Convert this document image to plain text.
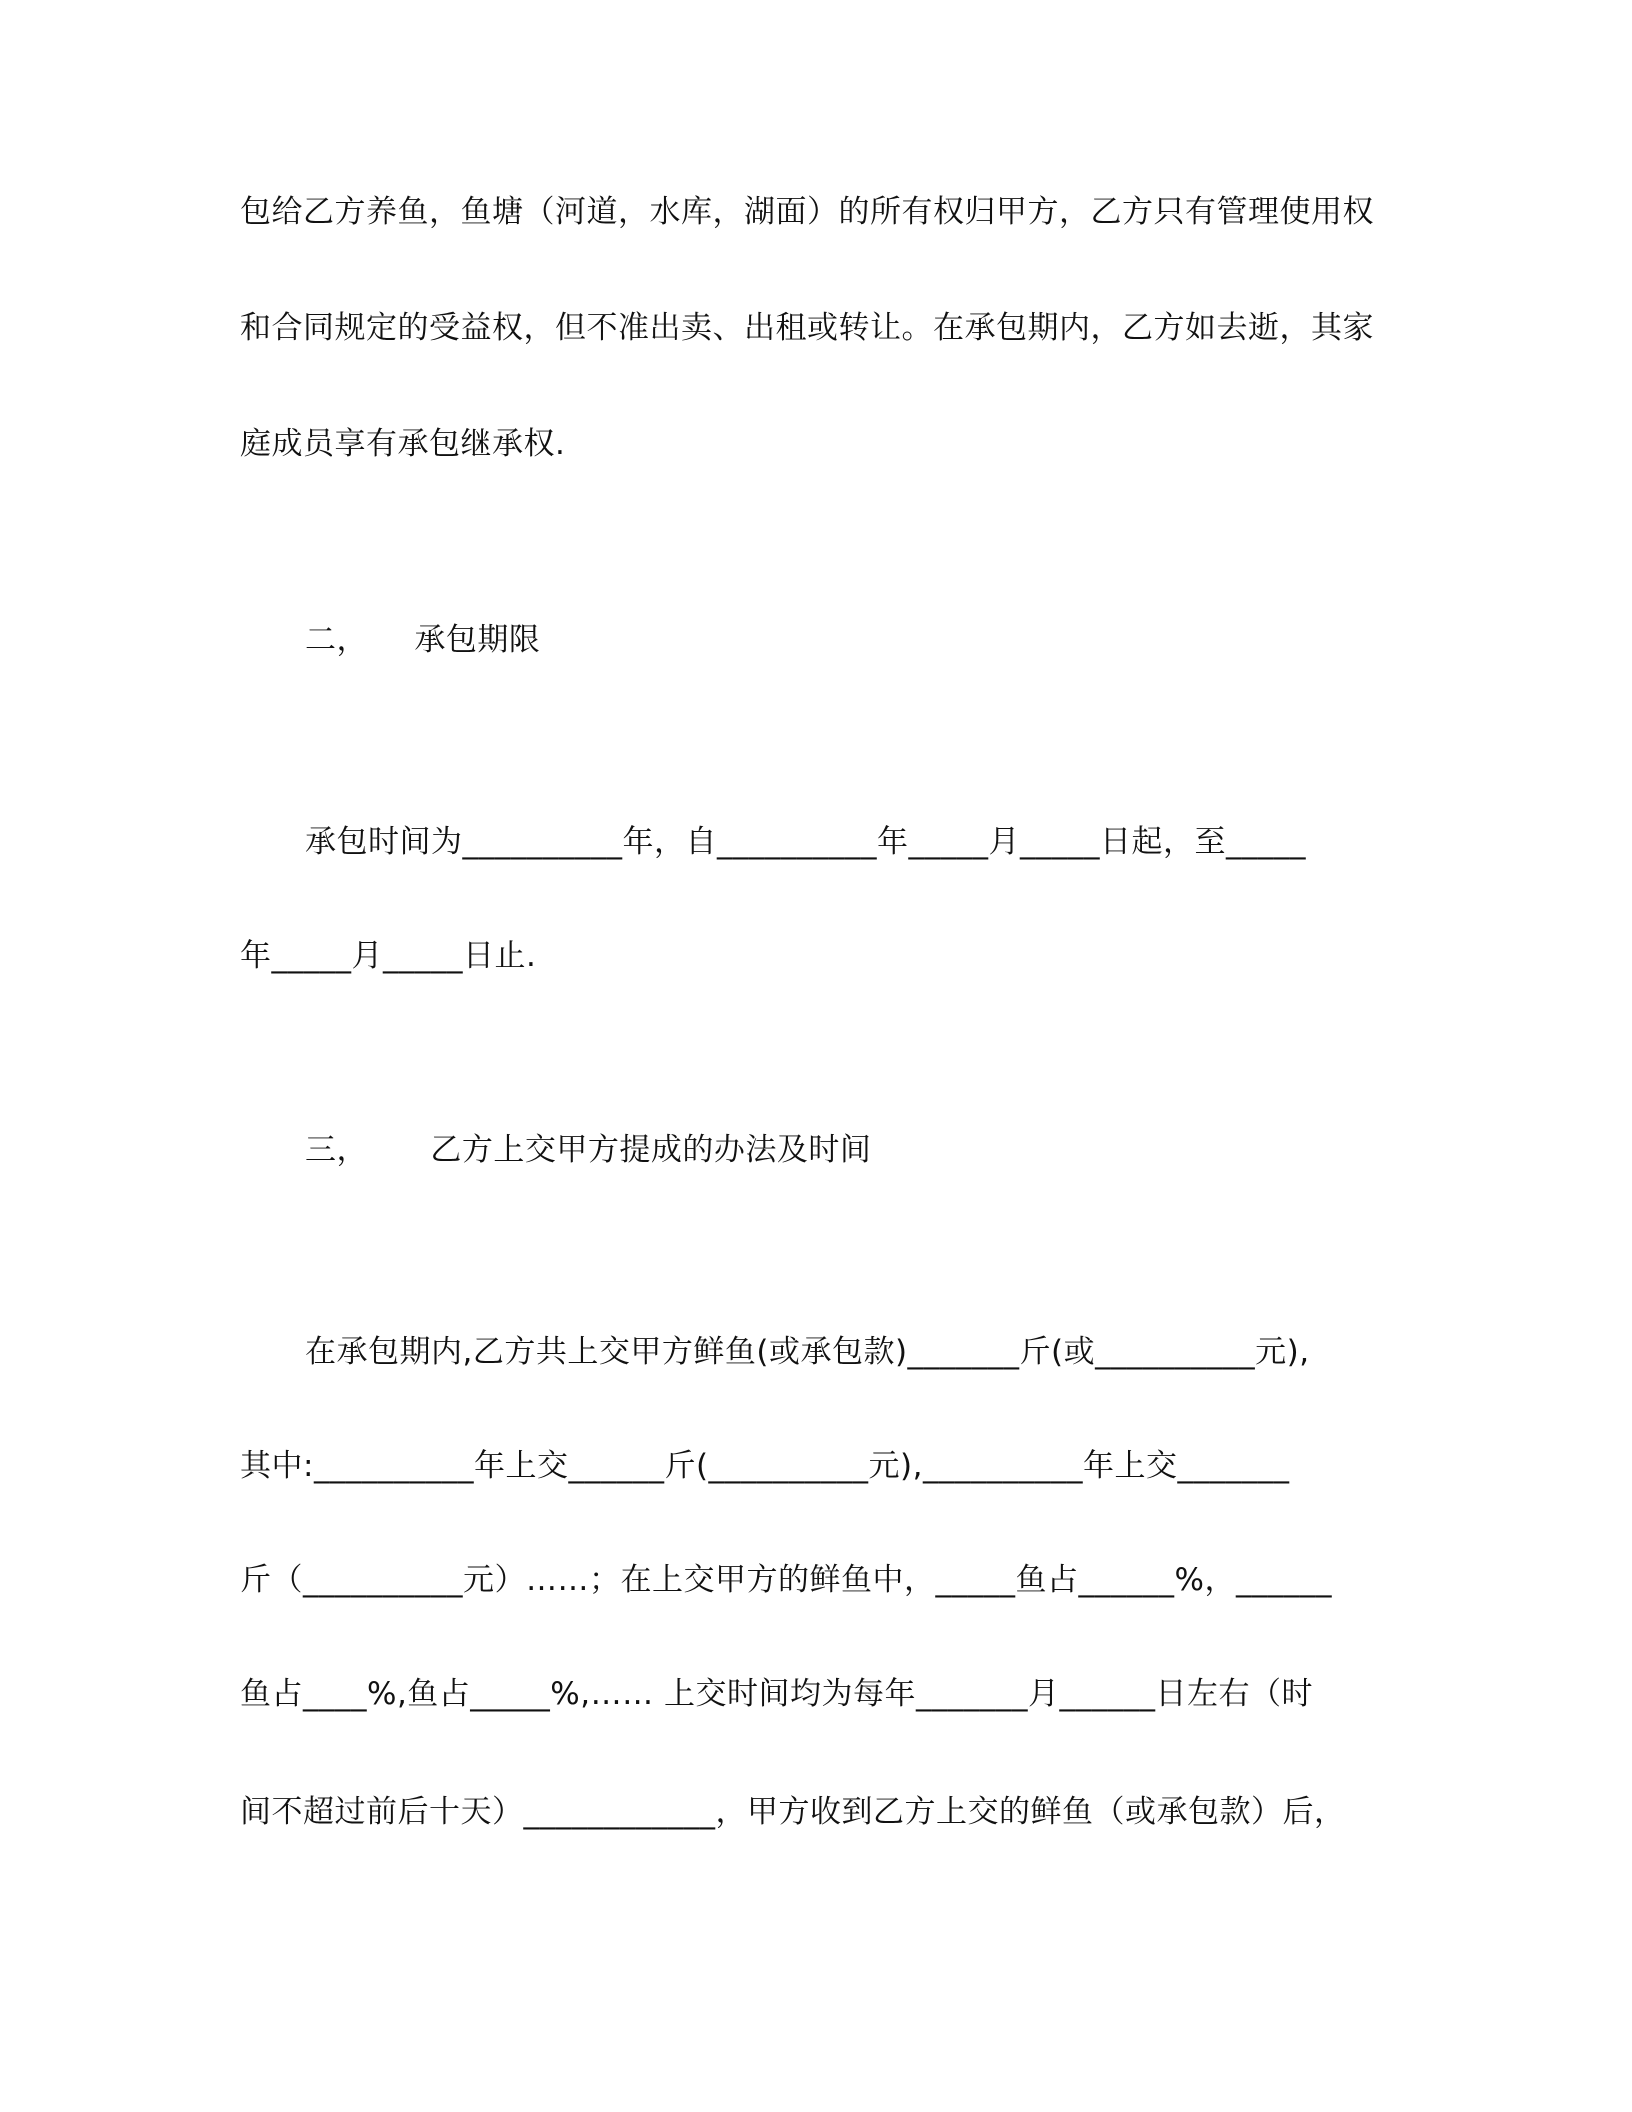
包给乙方养鱼，鱼塘（河道，水库，湖面）的所有权归甲方，乙方只有管理使用权
和合同规定的受益权，但不准出卖、出租或转让。在承包期内，乙方如去逝，其家
庭成员享有承包继承权.
二， 承包期限
承包时间为__________年，自__________年_____月_____日起，至_____
年_____月_____日止.
三， 乙方上交甲方提成的办法及时间
在承包期内,乙方共上交甲方鲜鱼(或承包款)_______斤(或__________元),
其中:__________年上交______斤(__________元),__________年上交_______
斤（__________元）……；在上交甲方的鲜鱼中，_____鱼占______%，______
鱼占____%,鱼占_____%,…… 上交时间均为每年_______月______日左右（时
间不超过前后十天）____________，甲方收到乙方上交的鲜鱼（或承包款）后，
